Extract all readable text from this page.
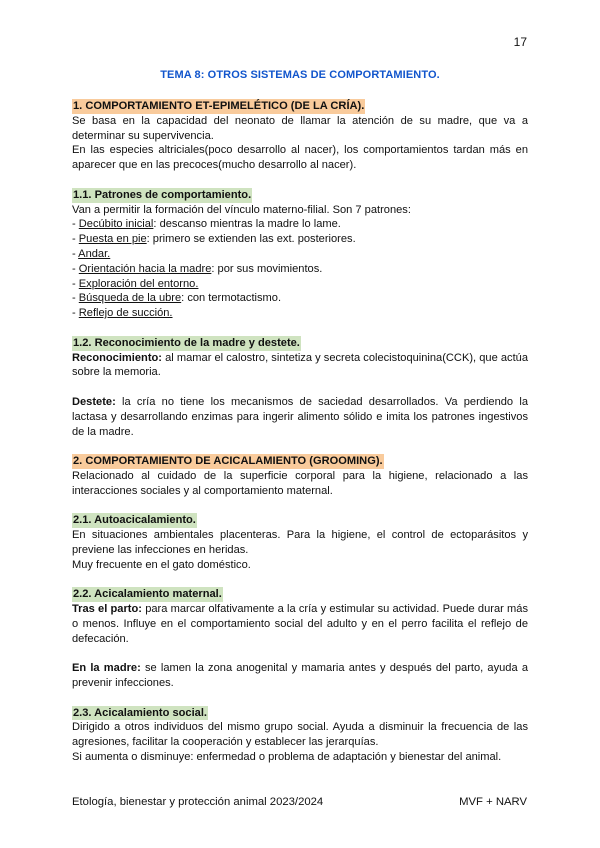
17
TEMA 8: OTROS SISTEMAS DE COMPORTAMIENTO.
1. COMPORTAMIENTO ET-EPIMELÉTICO (DE LA CRÍA).

Se basa en la capacidad del neonato de llamar la atención de su madre, que va a determinar su supervivencia.

En las especies altriciales(poco desarrollo al nacer), los comportamientos tardan más en aparecer que en las precoces(mucho desarrollo al nacer).

1.1. Patrones de comportamiento.

Van a permitir la formación del vínculo materno-filial. Son 7 patrones:

- Decúbito inicial: descanso mientras la madre lo lame.
- Puesta en pie: primero se extienden las ext. posteriores.
- Andar.
- Orientación hacia la madre: por sus movimientos.
- Exploración del entorno.
- Búsqueda de la ubre: con termotactismo.
- Reflejo de succión.
1.2. Reconocimiento de la madre y destete.

Reconocimiento: al mamar el calostro, sintetiza y secreta colecistoquinina(CCK), que actúa sobre la memoria.

Destete: la cría no tiene los mecanismos de saciedad desarrollados. Va perdiendo la lactasa y desarrollando enzimas para ingerir alimento sólido e imita los patrones ingestivos de la madre.

2. COMPORTAMIENTO DE ACICALAMIENTO (GROOMING).

Relacionado al cuidado de la superficie corporal para la higiene, relacionado a las interacciones sociales y al comportamiento maternal.

2.1. Autoacicalamiento.

En situaciones ambientales placenteras. Para la higiene, el control de ectoparásitos y previene las infecciones en heridas.

Muy frecuente en el gato doméstico.

2.2. Acicalamiento maternal.

Tras el parto: para marcar olfativamente a la cría y estimular su actividad. Puede durar más o menos. Influye en el comportamiento social del adulto y en el perro facilita el reflejo de defecación.

En la madre: se lamen la zona anogenital y mamaria antes y después del parto, ayuda a prevenir infecciones.

2.3. Acicalamiento social.

Dirigido a otros individuos del mismo grupo social. Ayuda a disminuir la frecuencia de las agresiones, facilitar la cooperación y establecer las jerarquías.

Si aumenta o disminuye: enfermedad o problema de adaptación y bienestar del animal.

Etología, bienestar y protección animal 2023/2024	MVF + NARV
